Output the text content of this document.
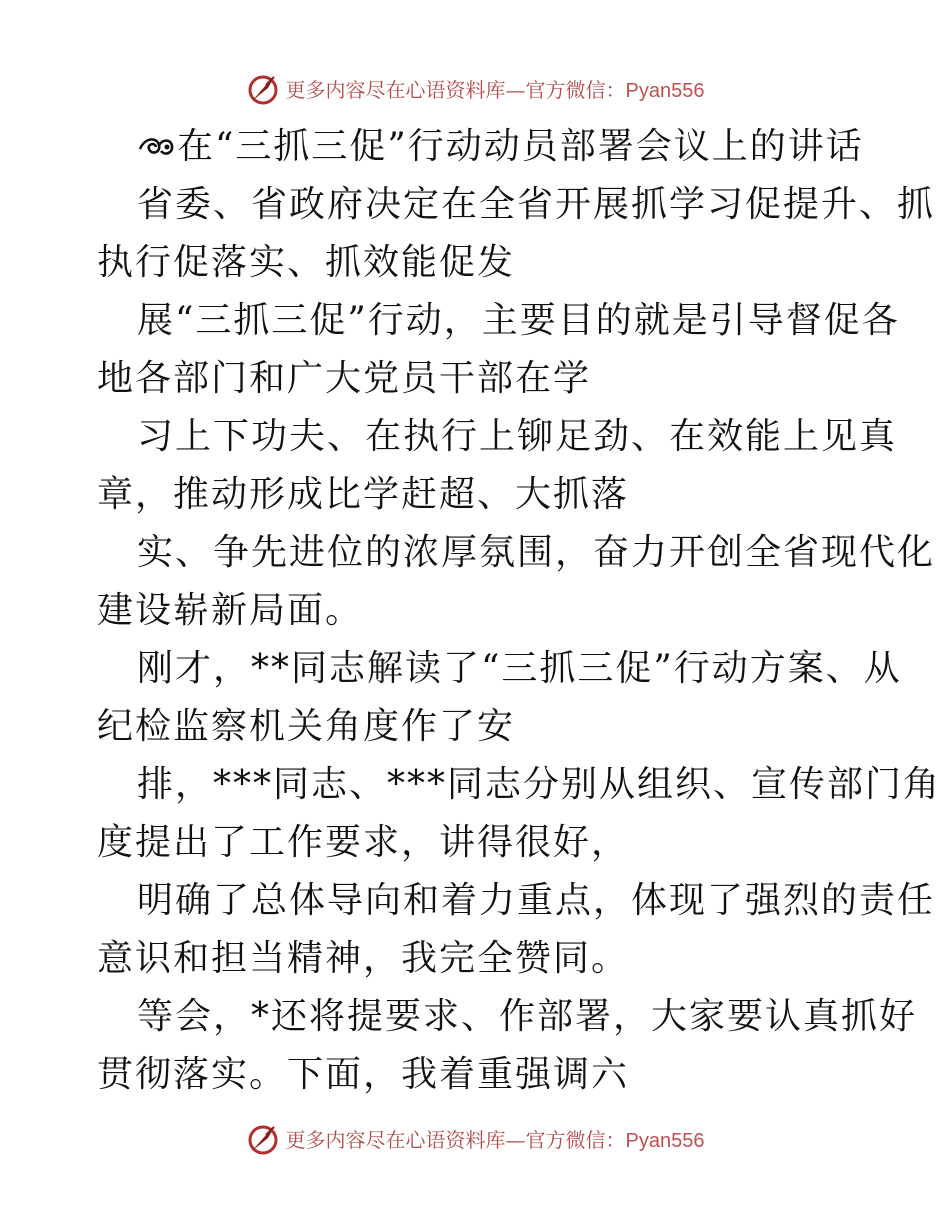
更多内容尽在心语资料库—官方微信：Pyan556
在“三抓三促”行动动员部署会议上的讲话
省委、省政府决定在全省开展抓学习促提升、抓
执行促落实、抓效能促发
展“三抓三促”行动，主要目的就是引导督促各
地各部门和广大党员干部在学
习上下功夫、在执行上铆足劲、在效能上见真
章，推动形成比学赶超、大抓落
实、争先进位的浓厚氛围，奋力开创全省现代化
建设崭新局面。
刚才，**同志解读了“三抓三促”行动方案、从
纪检监察机关角度作了安
排，***同志、***同志分别从组织、宣传部门角
度提出了工作要求，讲得很好，
明确了总体导向和着力重点，体现了强烈的责任
意识和担当精神，我完全赞同。
等会，*还将提要求、作部署，大家要认真抓好
贯彻落实。下面，我着重强调六
更多内容尽在心语资料库—官方微信：Pyan556
